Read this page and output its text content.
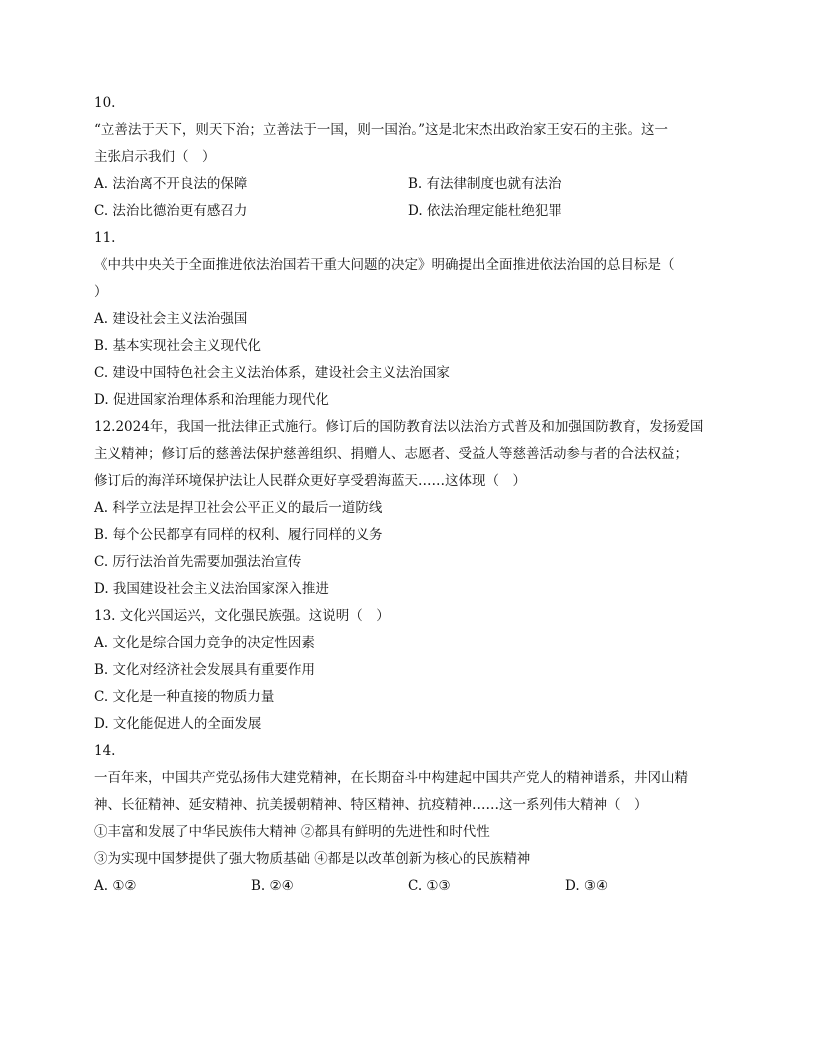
10.
“立善法于天下，则天下治；立善法于一国，则一国治。”这是北宋杰出政治家王安石的主张。这一
主张启示我们（　）
A. 法治离不开良法的保障	B. 有法律制度也就有法治
C. 法治比德治更有感召力	D. 依法治理定能杜绝犯罪
11.
《中共中央关于全面推进依法治国若干重大问题的决定》明确提出全面推进依法治国的总目标是（
）
A. 建设社会主义法治强国
B. 基本实现社会主义现代化
C. 建设中国特色社会主义法治体系，建设社会主义法治国家
D. 促进国家治理体系和治理能力现代化
12.2024年，我国一批法律正式施行。修订后的国防教育法以法治方式普及和加强国防教育，发扬爱国
主义精神；修订后的慈善法保护慈善组织、捐赠人、志愿者、受益人等慈善活动参与者的合法权益；
修订后的海洋环境保护法让人民群众更好享受碧海蓝天……这体现（　）
A. 科学立法是捍卫社会公平正义的最后一道防线
B. 每个公民都享有同样的权利、履行同样的义务
C. 厉行法治首先需要加强法治宣传
D. 我国建设社会主义法治国家深入推进
13. 文化兴国运兴，文化强民族强。这说明（　）
A. 文化是综合国力竞争的决定性因素
B. 文化对经济社会发展具有重要作用
C. 文化是一种直接的物质力量
D. 文化能促进人的全面发展
14.
一百年来，中国共产党弘扬伟大建党精神，在长期奋斗中构建起中国共产党人的精神谱系，井冈山精
神、长征精神、延安精神、抗美援朝精神、特区精神、抗疫精神……这一系列伟大精神（　）
①丰富和发展了中华民族伟大精神 ②都具有鲜明的先进性和时代性
③为实现中国梦提供了强大物质基础 ④都是以改革创新为核心的民族精神
A. ①②	B. ②④	C. ①③	D. ③④
